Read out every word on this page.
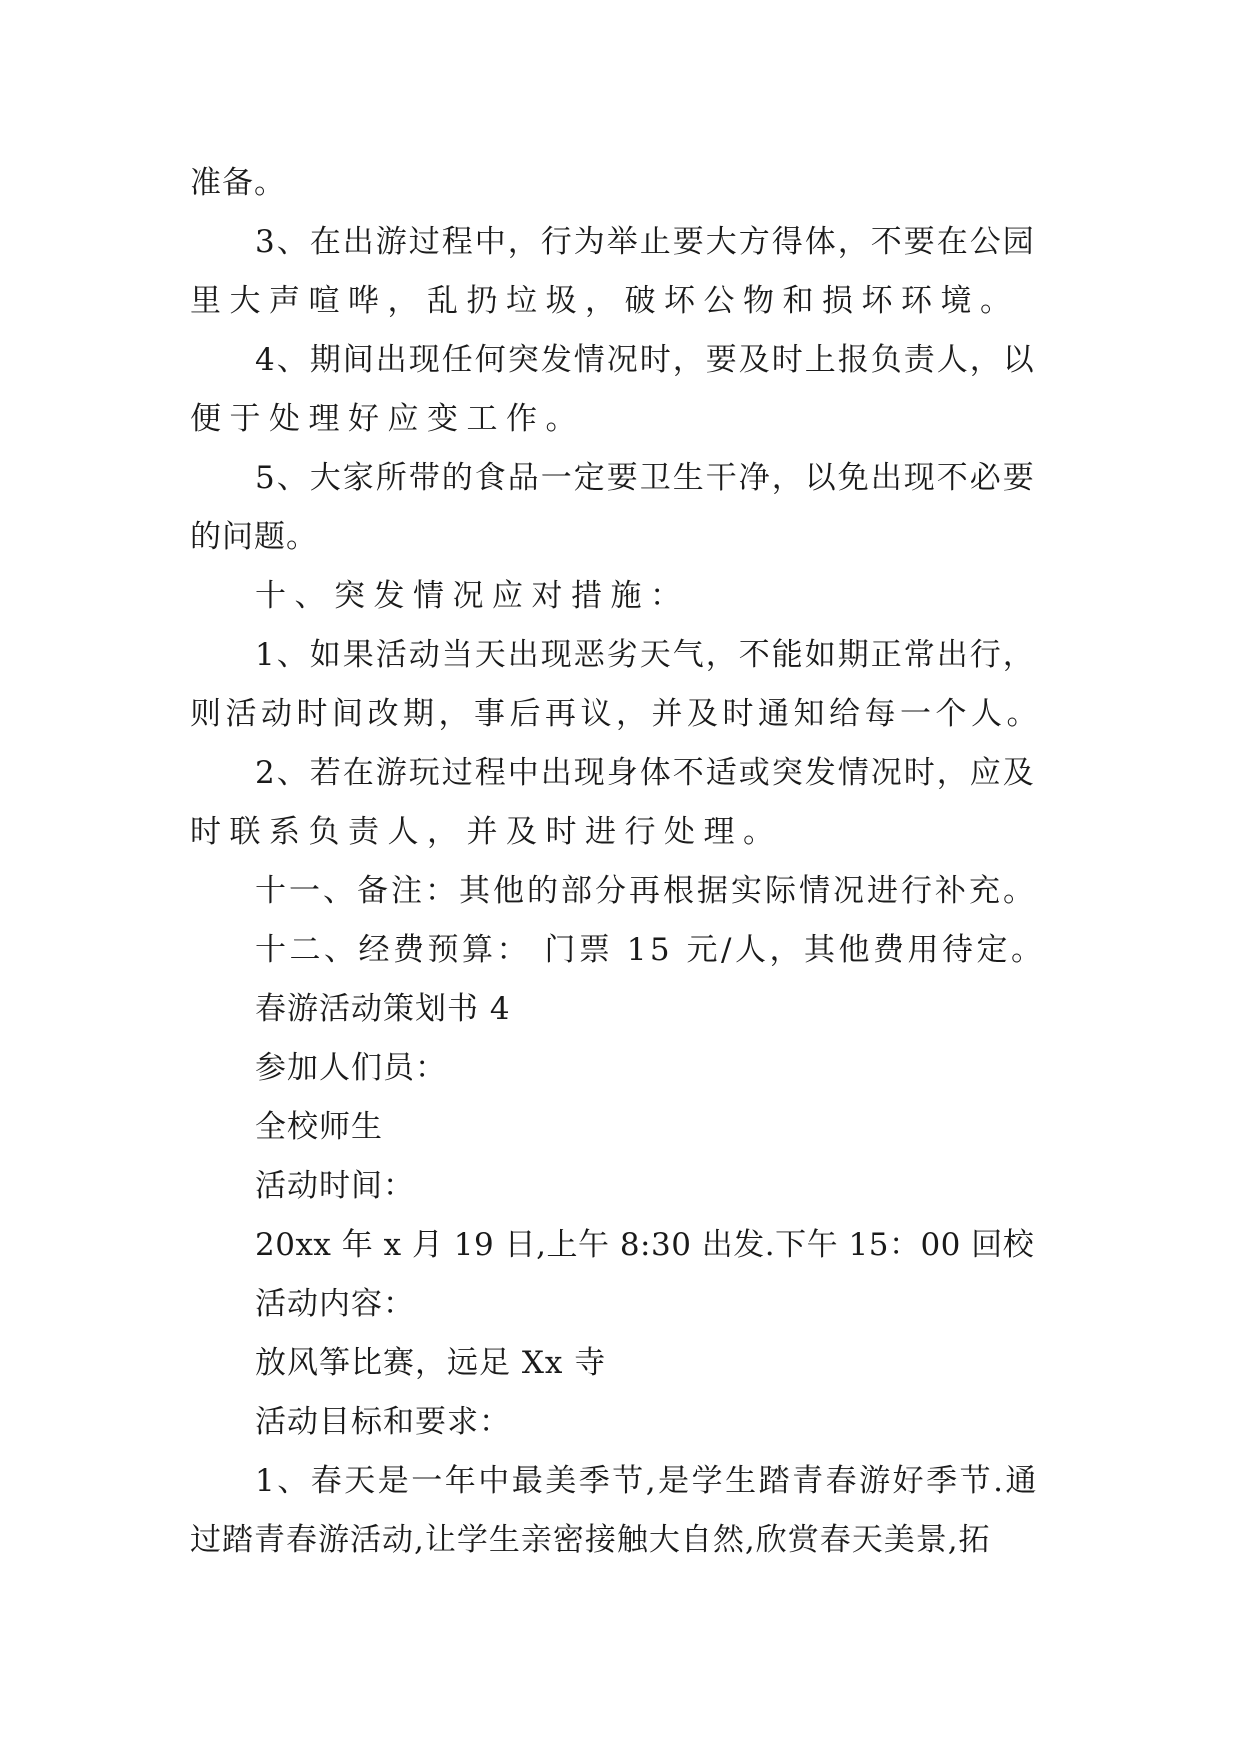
准备。
3、在出游过程中，行为举止要大方得体，不要在公园
里大声喧哗，乱扔垃圾，破坏公物和损坏环境。
4、期间出现任何突发情况时，要及时上报负责人，以
便于处理好应变工作。
5、大家所带的食品一定要卫生干净，以免出现不必要
的问题。
十、突发情况应对措施：
1、如果活动当天出现恶劣天气，不能如期正常出行，
则活动时间改期，事后再议，并及时通知给每一个人。
2、若在游玩过程中出现身体不适或突发情况时，应及
时联系负责人，并及时进行处理。
十一、备注：其他的部分再根据实际情况进行补充。
十二、经费预算： 门票 15 元/人，其他费用待定。
春游活动策划书 4
参加人们员：
全校师生
活动时间：
20xx 年 x 月 19 日,上午 8:30 出发.下午 15：00 回校
活动内容：
放风筝比赛，远足 Xx 寺
活动目标和要求：
1、春天是一年中最美季节,是学生踏青春游好季节.通
过踏青春游活动,让学生亲密接触大自然,欣赏春天美景,拓
